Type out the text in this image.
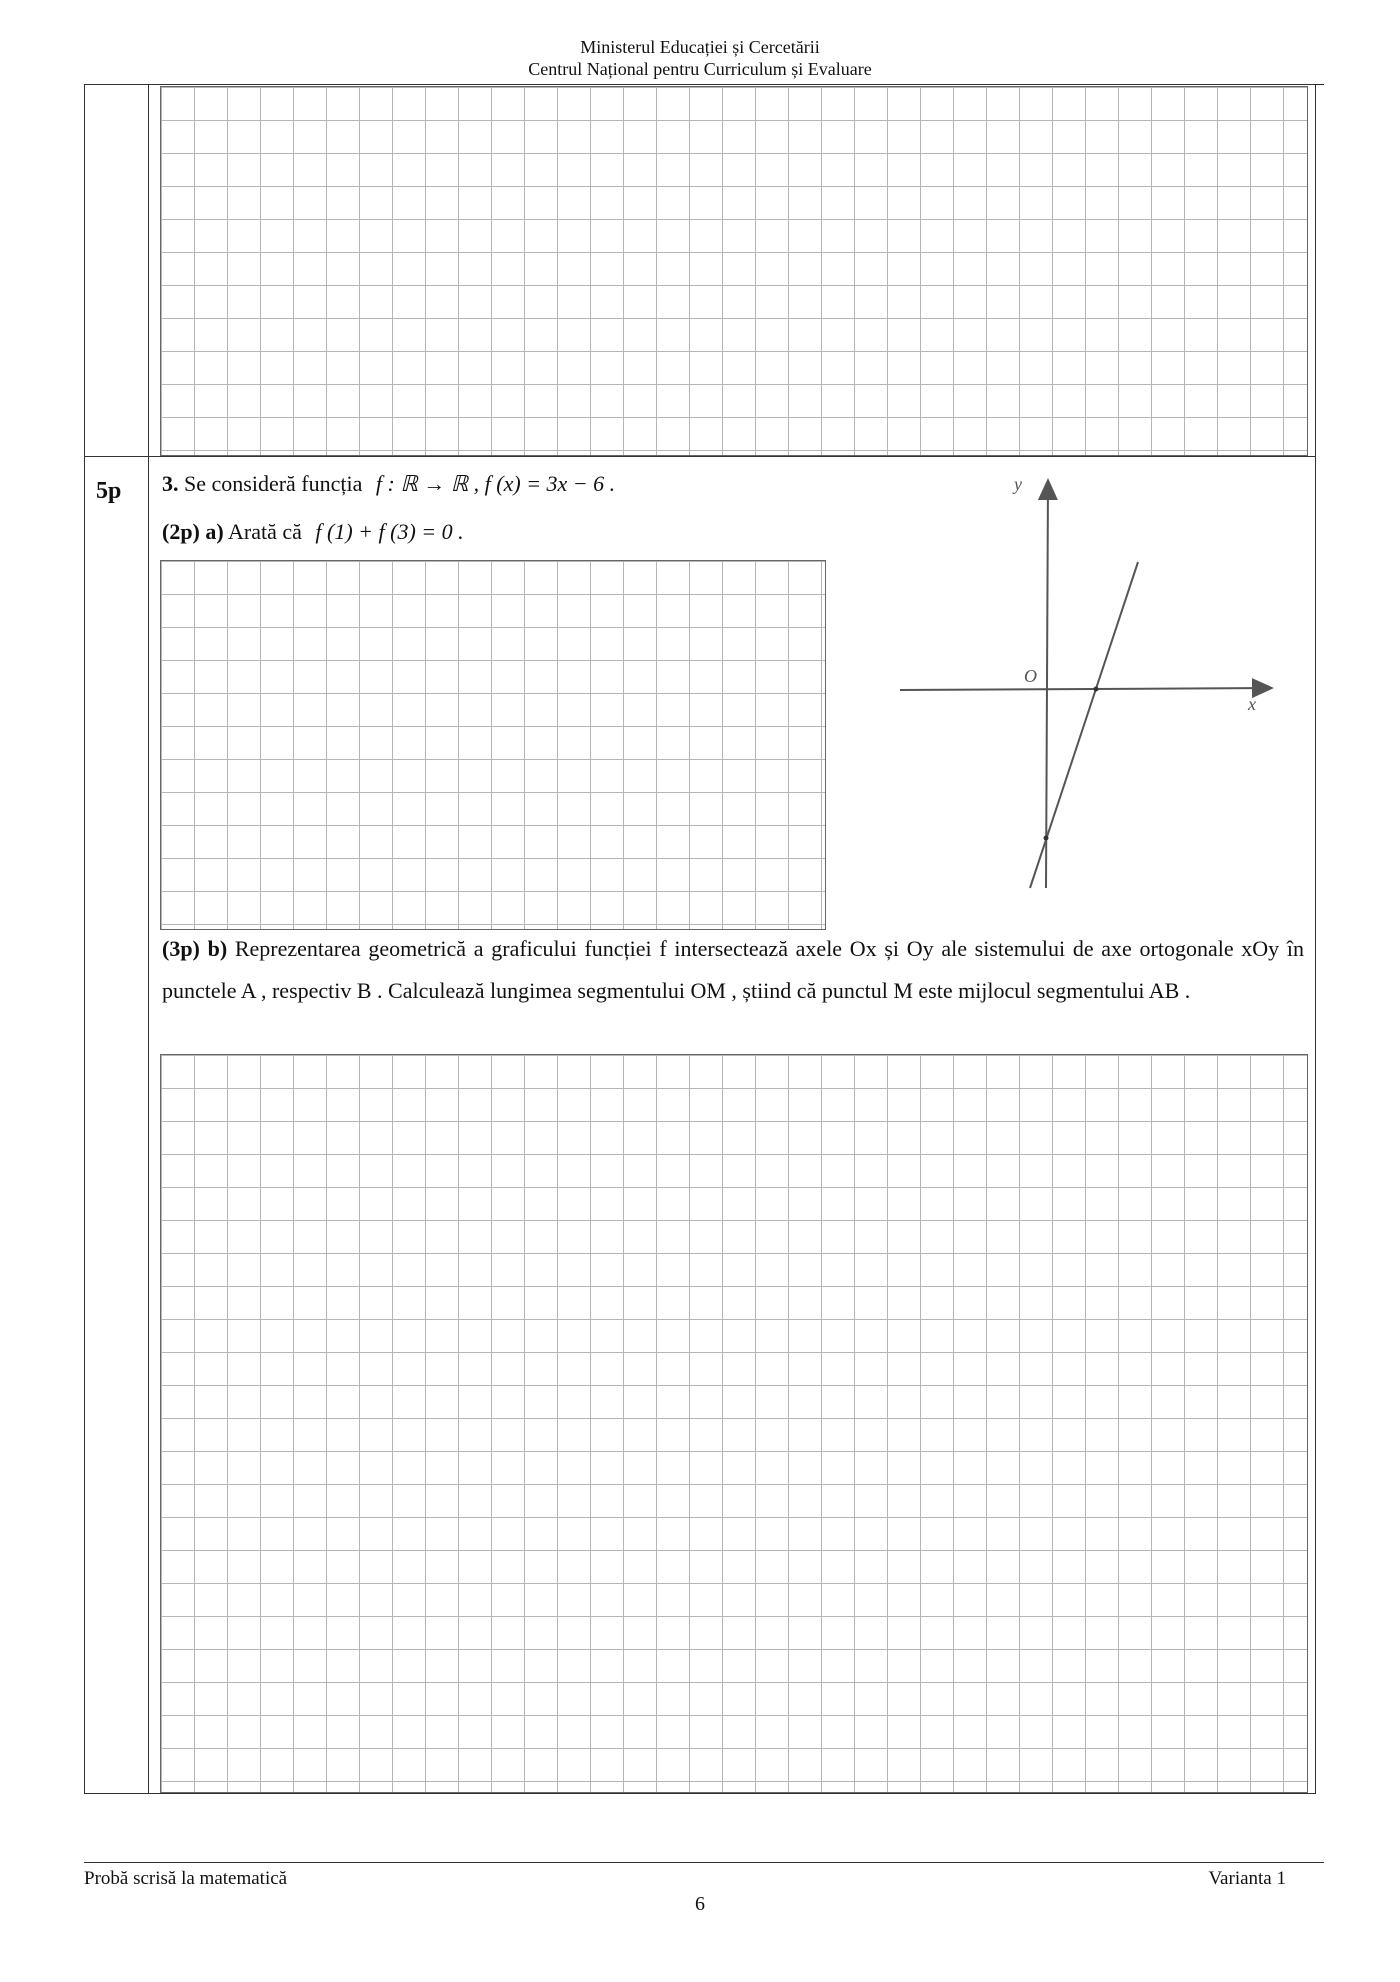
Ministerul Educației și Cercetării
Centrul Național pentru Curriculum și Evaluare
5p 3. Se consideră funcția f : ℝ → ℝ , f (x) = 3x − 6 .
(2p) a) Arată că f (1) + f (3) = 0 .
y
x
O
(3p) b) Reprezentarea geometrică a graficului funcției f intersectează axele Ox și Oy ale sistemului de axe ortogonale xOy în punctele A , respectiv B . Calculează lungimea segmentului OM , știind că punctul M este mijlocul segmentului AB .
Probă scrisă la matematică	Varianta 1
6
